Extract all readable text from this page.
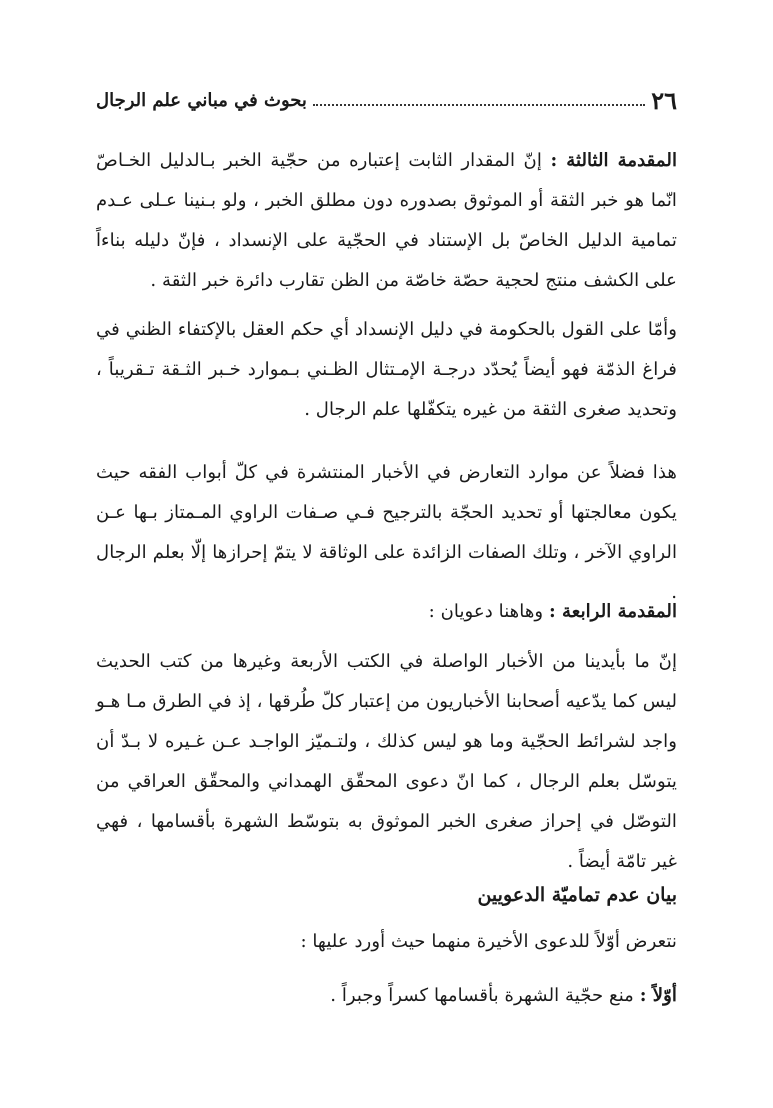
٢٦
بحوث في مباني علم الرجال
المقدمة الثالثة : إنّ المقدار الثابت إعتباره من حجّية الخبر بـالدليل الخـاصّ انّما هو خبر الثقة أو الموثوق بصدوره دون مطلق الخبر ، ولو بـنينا عـلى عـدم تمامية الدليل الخاصّ بل الإستناد في الحجّية على الإنسداد ، فإنّ دليله بناءاً على الكشف منتج لحجية حصّة خاصّة من الظن تقارب دائرة خبر الثقة .
وأمّا على القول بالحكومة في دليل الإنسداد أي حكم العقل بالإكتفاء الظني في فراغ الذمّة فهو أيضاً يُحدّد درجـة الإمـتثال الظـني بـموارد خـبر الثـقة تـقريباً ، وتحديد صغرى الثقة من غيره يتكفّلها علم الرجال .
هذا فضلاً عن موارد التعارض في الأخبار المنتشرة في كلّ أبواب الفقه حيث يكون معالجتها أو تحديد الحجّة بالترجيح فـي صـفات الراوي المـمتاز بـها عـن الراوي الآخر ، وتلك الصفات الزائدة على الوثاقة لا يتمّ إحرازها إلّا بعلم الرجال .
المقدمة الرابعة : وهاهنا دعويان :
إنّ ما بأيدينا من الأخبار الواصلة في الكتب الأربعة وغيرها من كتب الحديث ليس كما يدّعيه أصحابنا الأخباريون من إعتبار كلّ طُرقها ، إذ في الطرق مـا هـو واجد لشرائط الحجّية وما هو ليس كذلك ، ولتـميّز الواجـد عـن غـيره لا بـدّ أن يتوسّل بعلم الرجال ، كما انّ دعوى المحقّق الهمداني والمحقّق العراقي من التوصّل في إحراز صغرى الخبر الموثوق به بتوسّط الشهرة بأقسامها ، فهي غير تامّة أيضاً .
بيان عدم تماميّة الدعويين
نتعرض أوّلاً للدعوى الأخيرة منهما حيث أورد عليها :
أوّلاً : منع حجّية الشهرة بأقسامها كسراً وجبراً .
